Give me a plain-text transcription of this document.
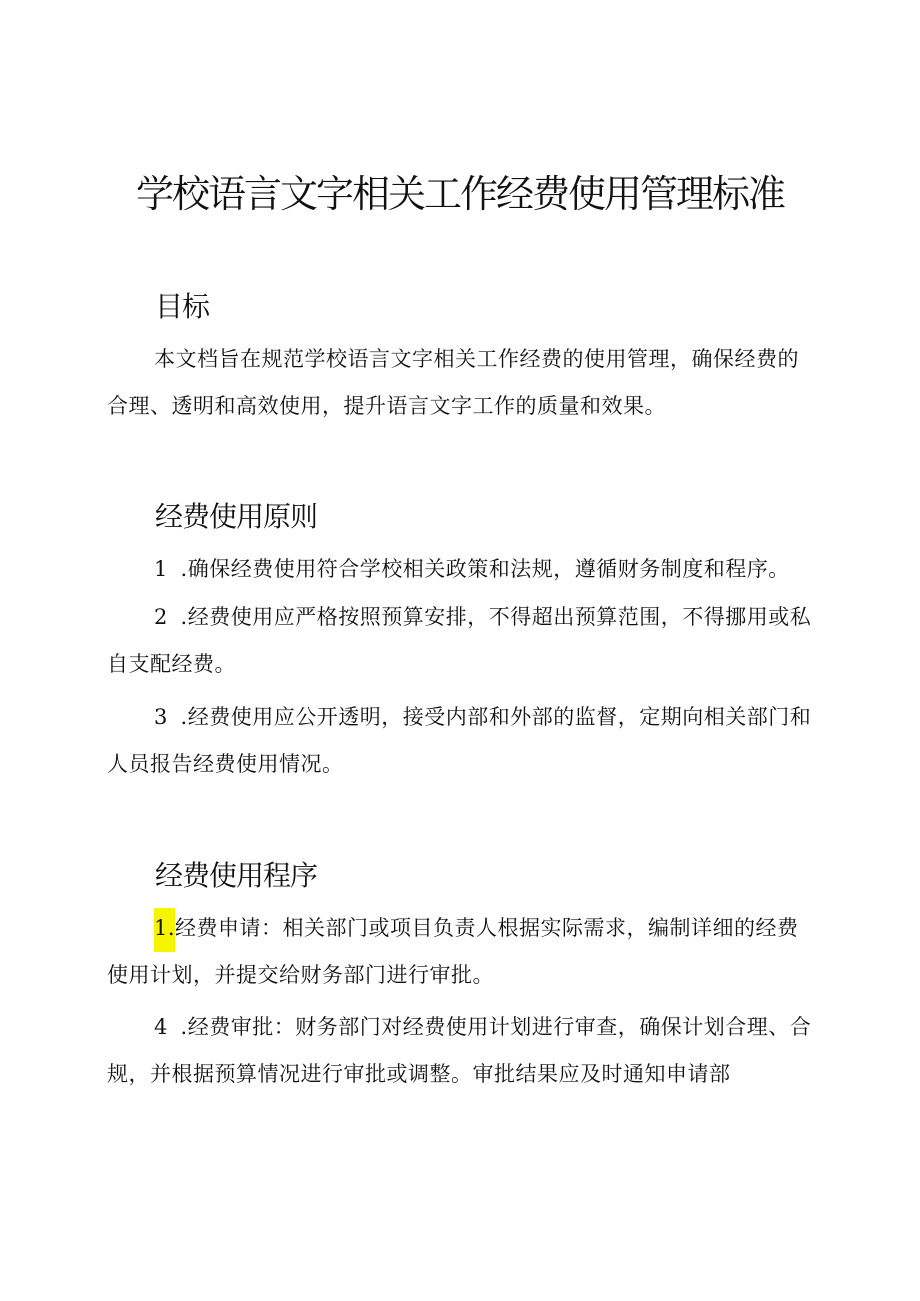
学校语言文字相关工作经费使用管理标准
目标

本文档旨在规范学校语言文字相关工作经费的使用管理，确保经费的合理、透明和高效使用，提升语言文字工作的质量和效果。

经费使用原则

1 .确保经费使用符合学校相关政策和法规，遵循财务制度和程序。

2 .经费使用应严格按照预算安排，不得超出预算范围，不得挪用或私自支配经费。

3 .经费使用应公开透明，接受内部和外部的监督，定期向相关部门和人员报告经费使用情况。

经费使用程序

1.经费申请：相关部门或项目负责人根据实际需求，编制详细的经费使用计划，并提交给财务部门进行审批。

4 .经费审批：财务部门对经费使用计划进行审查，确保计划合理、合规，并根据预算情况进行审批或调整。审批结果应及时通知申请部
